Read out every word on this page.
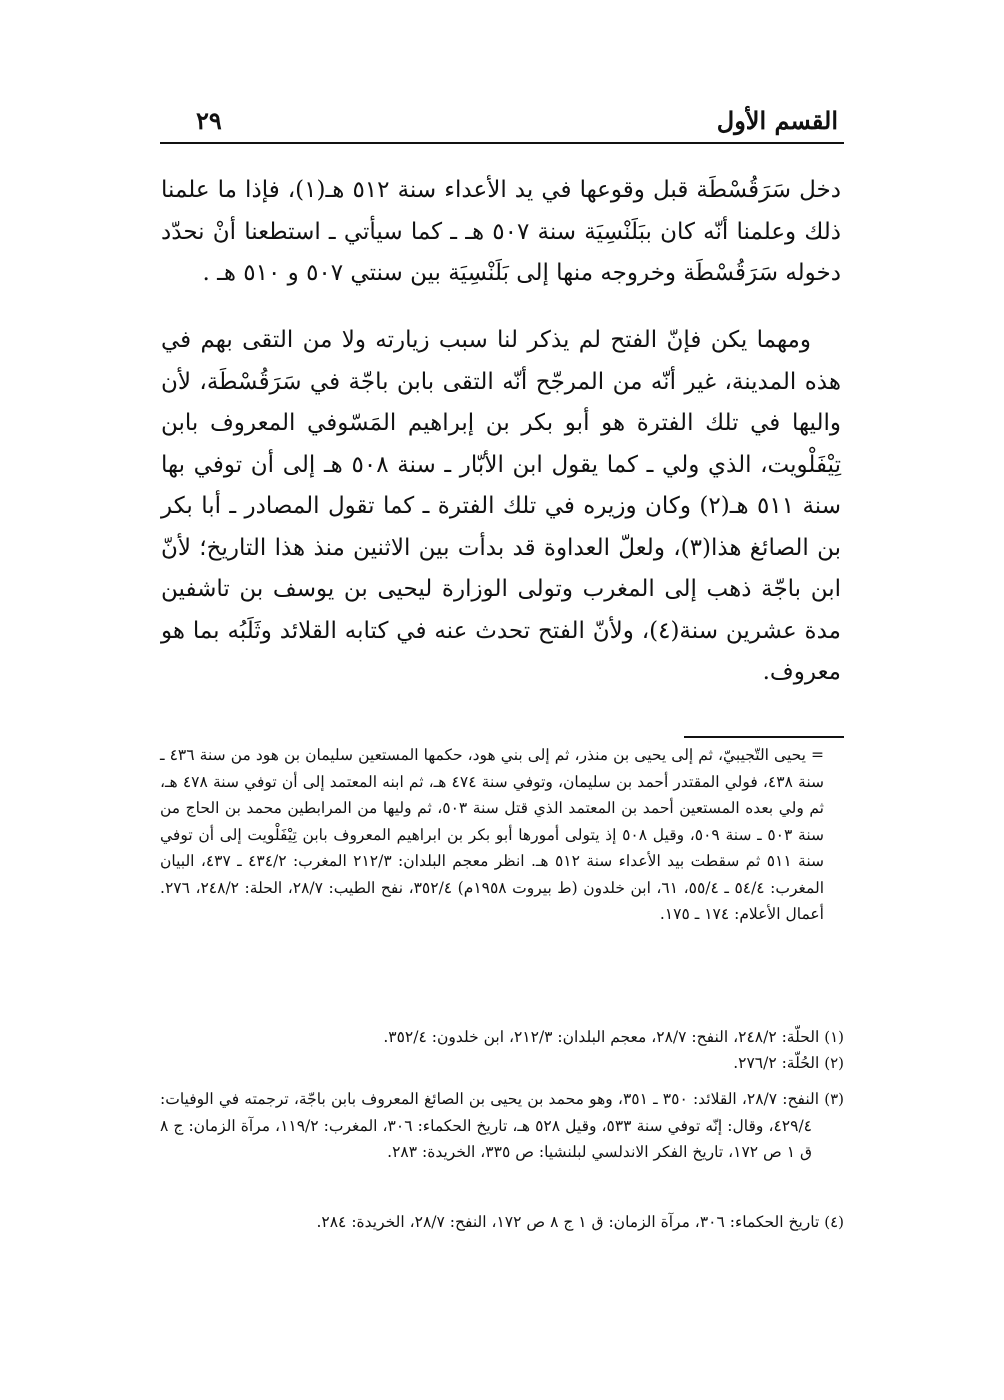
القسم الأول
٢٩

دخل سَرَقُسْطَة قبل وقوعها في يد الأعداء سنة ٥١٢ هـ(١)، فإذا ما علمنا ذلك وعلمنا أنّه كان ببَلَنْسِيَة سنة ٥٠٧ هـ ـ كما سيأتي ـ استطعنا أنْ نحدّد دخوله سَرَقُسْطَة وخروجه منها إلى بَلَنْسِيَة بين سنتي ٥٠٧ و ٥١٠ هـ .

ومهما يكن فإنّ الفتح لم يذكر لنا سبب زيارته ولا من التقى بهم في هذه المدينة، غير أنّه من المرجّح أنّه التقى بابن باجّة في سَرَقُسْطَة، لأن واليها في تلك الفترة هو أبو بكر بن إبراهيم المَسّوفي المعروف بابن تِيْفَلْويت، الذي ولي ـ كما يقول ابن الأبّار ـ سنة ٥٠٨ هـ إلى أن توفي بها سنة ٥١١ هـ(٢) وكان وزيره في تلك الفترة ـ كما تقول المصادر ـ أبا بكر بن الصائغ هذا(٣)، ولعلّ العداوة قد بدأت بين الاثنين منذ هذا التاريخ؛ لأنّ ابن باجّة ذهب إلى المغرب وتولى الوزارة ليحيى بن يوسف بن تاشفين مدة عشرين سنة(٤)، ولأنّ الفتح تحدث عنه في كتابه القلائد وثَلَبُه بما هو معروف.

= يحيى التّجيبيّ، ثم إلى يحيى بن منذر، ثم إلى بني هود، حكمها المستعين سليمان بن هود من سنة ٤٣٦ ـ سنة ٤٣٨، فولي المقتدر أحمد بن سليمان، وتوفي سنة ٤٧٤ هـ، ثم ابنه المعتمد إلى أن توفي سنة ٤٧٨ هـ، ثم ولي بعده المستعين أحمد بن المعتمد الذي قتل سنة ٥٠٣، ثم وليها من المرابطين محمد بن الحاج من سنة ٥٠٣ ـ سنة ٥٠٩، وقيل ٥٠٨ إذ يتولى أمورها أبو بكر بن ابراهيم المعروف بابن تِيْفَلْويت إلى أن توفي سنة ٥١١ ثم سقطت بيد الأعداء سنة ٥١٢ هـ. انظر معجم البلدان: ٢١٢/٣ المغرب: ٤٣٤/٢ ـ ٤٣٧، البيان المغرب: ٥٤/٤ ـ ٥٥/٤، ٦١، ابن خلدون (ط بيروت ١٩٥٨م) ٣٥٢/٤، نفح الطيب: ٢٨/٧، الحلة: ٢٤٨/٢، ٢٧٦. أعمال الأعلام: ١٧٤ ـ ١٧٥.

(١) الحلّة: ٢٤٨/٢، النفح: ٢٨/٧، معجم البلدان: ٢١٢/٣، ابن خلدون: ٣٥٢/٤.

(٢) الحُلّة: ٢٧٦/٢.

(٣) النفح: ٢٨/٧، القلائد: ٣٥٠ ـ ٣٥١، وهو محمد بن يحيى بن الصائغ المعروف بابن باجّة، ترجمته في الوفيات: ٤٢٩/٤، وقال: إنّه توفي سنة ٥٣٣، وقيل ٥٢٨ هـ، تاريخ الحكماء: ٣٠٦، المغرب: ١١٩/٢، مرآة الزمان: ج ٨ ق ١ ص ١٧٢، تاريخ الفكر الاندلسي لبلنشيا: ص ٣٣٥، الخريدة: ٢٨٣.

(٤) تاريخ الحكماء: ٣٠٦، مرآة الزمان: ق ١ ج ٨ ص ١٧٢، النفح: ٢٨/٧، الخريدة: ٢٨٤.
